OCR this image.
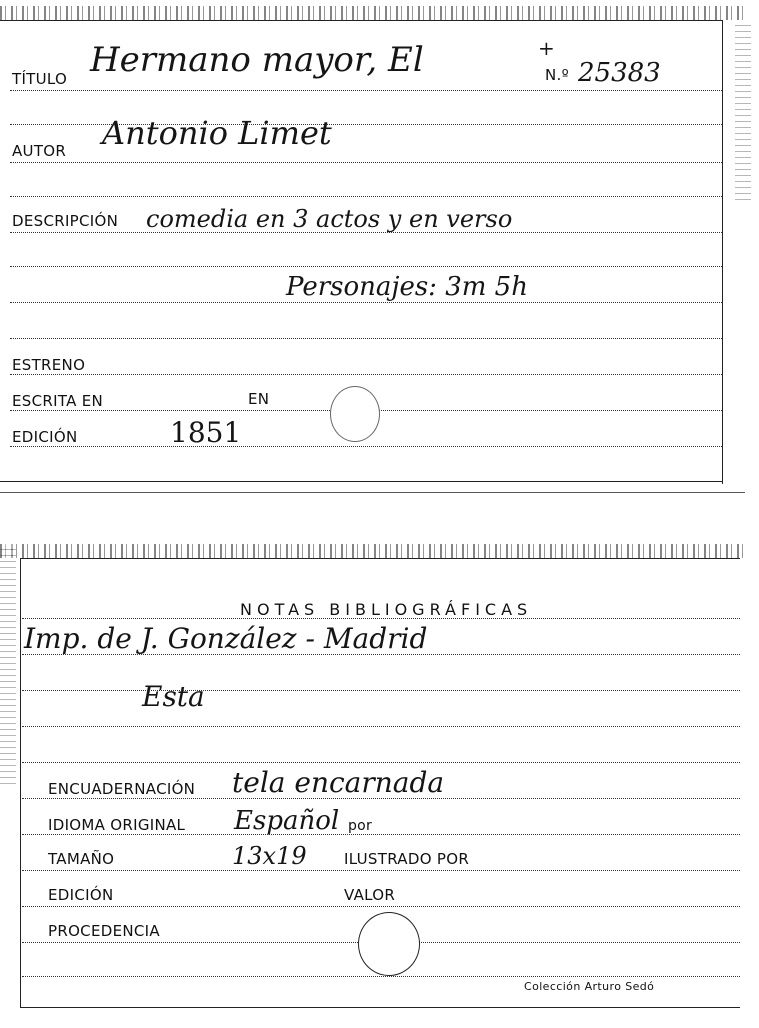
TÍTULO Hermano mayor, El	+
N.º 25383
AUTOR Antonio Limet
DESCRIPCIÓN comedia en 3 actos y en verso
Personajes: 3m 5h
ESTRENO
ESCRITA EN	EN
EDICIÓN	1851
NOTAS BIBLIOGRÁFICAS
Imp. de J. González - Madrid
Esta
ENCUADERNACIÓN tela encarnada
IDIOMA ORIGINAL Español por
TAMAÑO	13x19 ILUSTRADO POR
EDICIÓN	VALOR
PROCEDENCIA
Colección Arturo Sedó
